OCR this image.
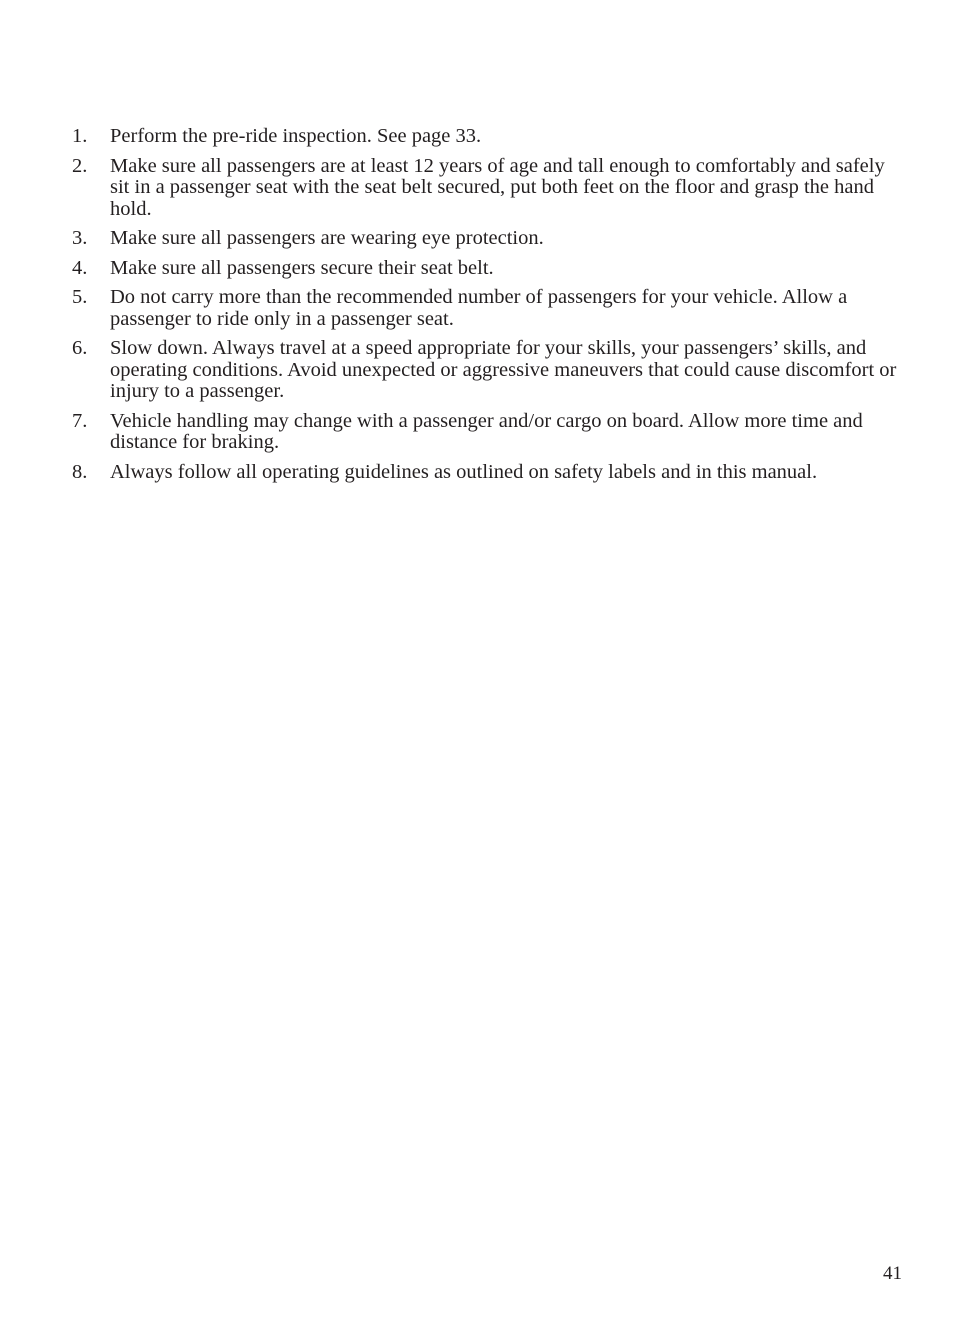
1.	Perform the pre-ride inspection. See page 33.
2.	Make sure all passengers are at least 12 years of age and tall enough to comfortably and safely sit in a passenger seat with the seat belt secured, put both feet on the floor and grasp the hand hold.
3.	Make sure all passengers are wearing eye protection.
4.	Make sure all passengers secure their seat belt.
5.	Do not carry more than the recommended number of passengers for your vehicle. Allow a passenger to ride only in a passenger seat.
6.	Slow down. Always travel at a speed appropriate for your skills, your passengers’ skills, and operating conditions. Avoid unexpected or aggressive maneuvers that could cause discomfort or injury to a passenger.
7.	Vehicle handling may change with a passenger and/or cargo on board. Allow more time and distance for braking.
8.	Always follow all operating guidelines as outlined on safety labels and in this manual.
41
